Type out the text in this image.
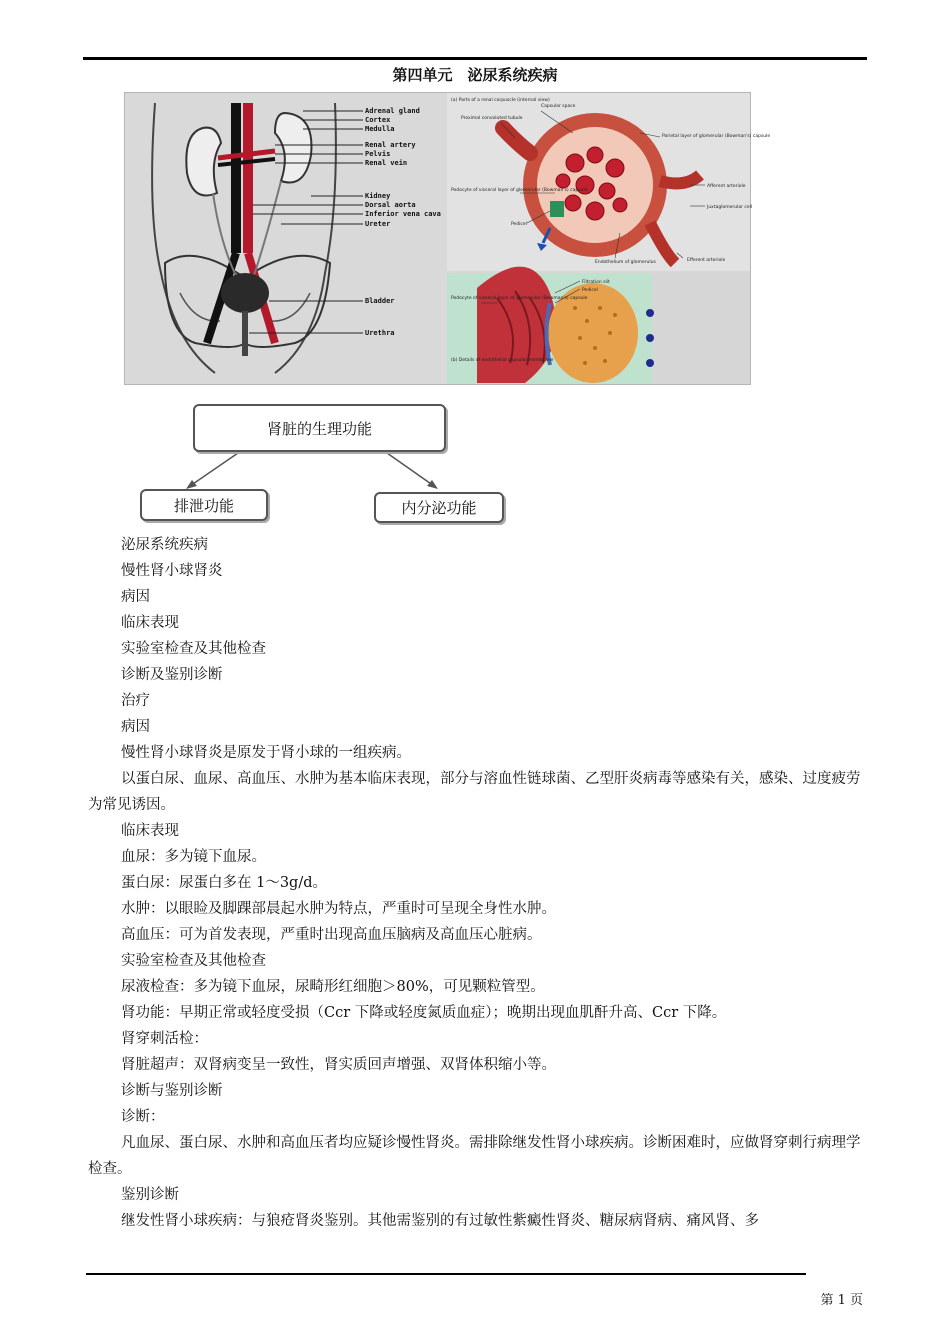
第四单元　泌尿系统疾病
Adrenal gland
Cortex
Medulla
Renal artery
Pelvis
Renal vein
Kidney
Dorsal aorta
Inferior vena cava
Ureter
Bladder
Urethra
(a) Parts of a renal corpuscle (internal view)
Capsular space
Proximal convoluted tubule
Parietal layer of glomerular (Bowman's) capsule
Afferent arteriole
Juxtaglomerular cell
Podocyte of visceral layer of glomerular (Bowman's) capsule
Pedicel
Endothelium of glomerulus	Efferent arteriole
Filtration slit
Pedicel
Podocyte of visceral layer of glomerular (Bowman's) capsule
(b) Details of endothelial capsular membrane
肾脏的生理功能
排泄功能	内分泌功能

泌尿系统疾病

慢性肾小球肾炎

病因

临床表现

实验室检查及其他检查

诊断及鉴别诊断

治疗

病因

慢性肾小球肾炎是原发于肾小球的一组疾病。

以蛋白尿、血尿、高血压、水肿为基本临床表现，部分与溶血性链球菌、乙型肝炎病毒等感染有关，感染、过度疲劳为常见诱因。

临床表现

血尿：多为镜下血尿。

蛋白尿：尿蛋白多在 1～3g/d。

水肿：以眼睑及脚踝部晨起水肿为特点，严重时可呈现全身性水肿。

高血压：可为首发表现，严重时出现高血压脑病及高血压心脏病。

实验室检查及其他检查

尿液检查：多为镜下血尿，尿畸形红细胞＞80%，可见颗粒管型。

肾功能：早期正常或轻度受损（Ccr 下降或轻度氮质血症）；晚期出现血肌酐升高、Ccr 下降。

肾穿刺活检：

肾脏超声：双肾病变呈一致性，肾实质回声增强、双肾体积缩小等。

诊断与鉴别诊断

诊断：

凡血尿、蛋白尿、水肿和高血压者均应疑诊慢性肾炎。需排除继发性肾小球疾病。诊断困难时，应做肾穿刺行病理学检查。

鉴别诊断

继发性肾小球疾病：与狼疮肾炎鉴别。其他需鉴别的有过敏性紫癜性肾炎、糖尿病肾病、痛风肾、多

第 1 页
